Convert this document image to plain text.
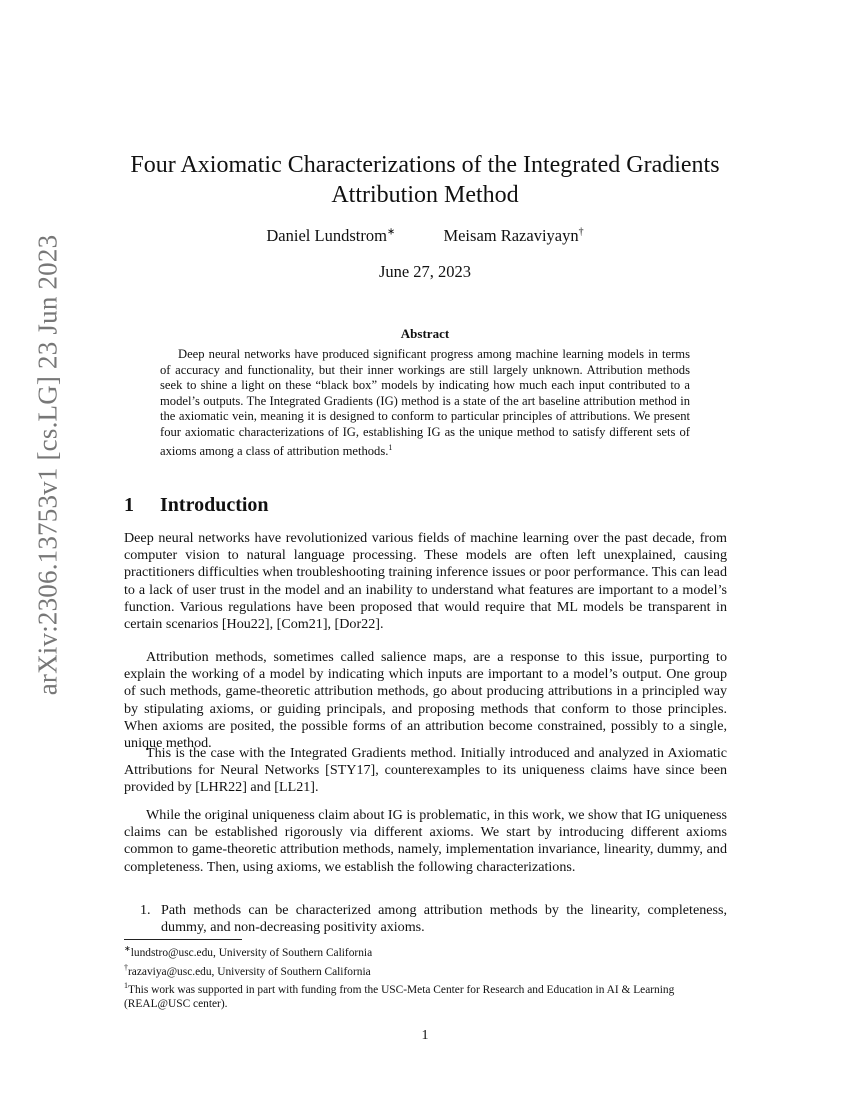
arXiv:2306.13753v1 [cs.LG] 23 Jun 2023
Four Axiomatic Characterizations of the Integrated Gradients Attribution Method
Daniel Lundstrom∗	Meisam Razaviyayn†
June 27, 2023
Abstract
Deep neural networks have produced significant progress among machine learning models in terms of accuracy and functionality, but their inner workings are still largely unknown. Attribution methods seek to shine a light on these “black box” models by indicating how much each input contributed to a model’s outputs. The Integrated Gradients (IG) method is a state of the art baseline attribution method in the axiomatic vein, meaning it is designed to conform to particular principles of attributions. We present four axiomatic characterizations of IG, establishing IG as the unique method to satisfy different sets of axioms among a class of attribution methods.$^1$
1 Introduction
Deep neural networks have revolutionized various fields of machine learning over the past decade, from computer vision to natural language processing. These models are often left unexplained, causing practitioners difficulties when troubleshooting training inference issues or poor performance. This can lead to a lack of user trust in the model and an inability to understand what features are important to a model’s function. Various regulations have been proposed that would require that ML models be transparent in certain scenarios [Hou22], [Com21], [Dor22].
Attribution methods, sometimes called salience maps, are a response to this issue, purporting to explain the working of a model by indicating which inputs are important to a model’s output. One group of such methods, game-theoretic attribution methods, go about producing attributions in a principled way by stipulating axioms, or guiding principals, and proposing methods that conform to those principles. When axioms are posited, the possible forms of an attribution become constrained, possibly to a single, unique method.
This is the case with the Integrated Gradients method. Initially introduced and analyzed in Axiomatic Attributions for Neural Networks [STY17], counterexamples to its uniqueness claims have since been provided by [LHR22] and [LL21].
While the original uniqueness claim about IG is problematic, in this work, we show that IG uniqueness claims can be established rigorously via different axioms. We start by introducing different axioms common to game-theoretic attribution methods, namely, implementation invariance, linearity, dummy, and completeness. Then, using axioms, we establish the following characterizations.
1. Path methods can be characterized among attribution methods by the linearity, completeness, dummy, and non-decreasing positivity axioms.

∗lundstro@usc.edu, University of Southern California

†razaviya@usc.edu, University of Southern California

$^1$This work was supported in part with funding from the USC-Meta Center for Research and Education in AI & Learning (REAL@USC center).

1
